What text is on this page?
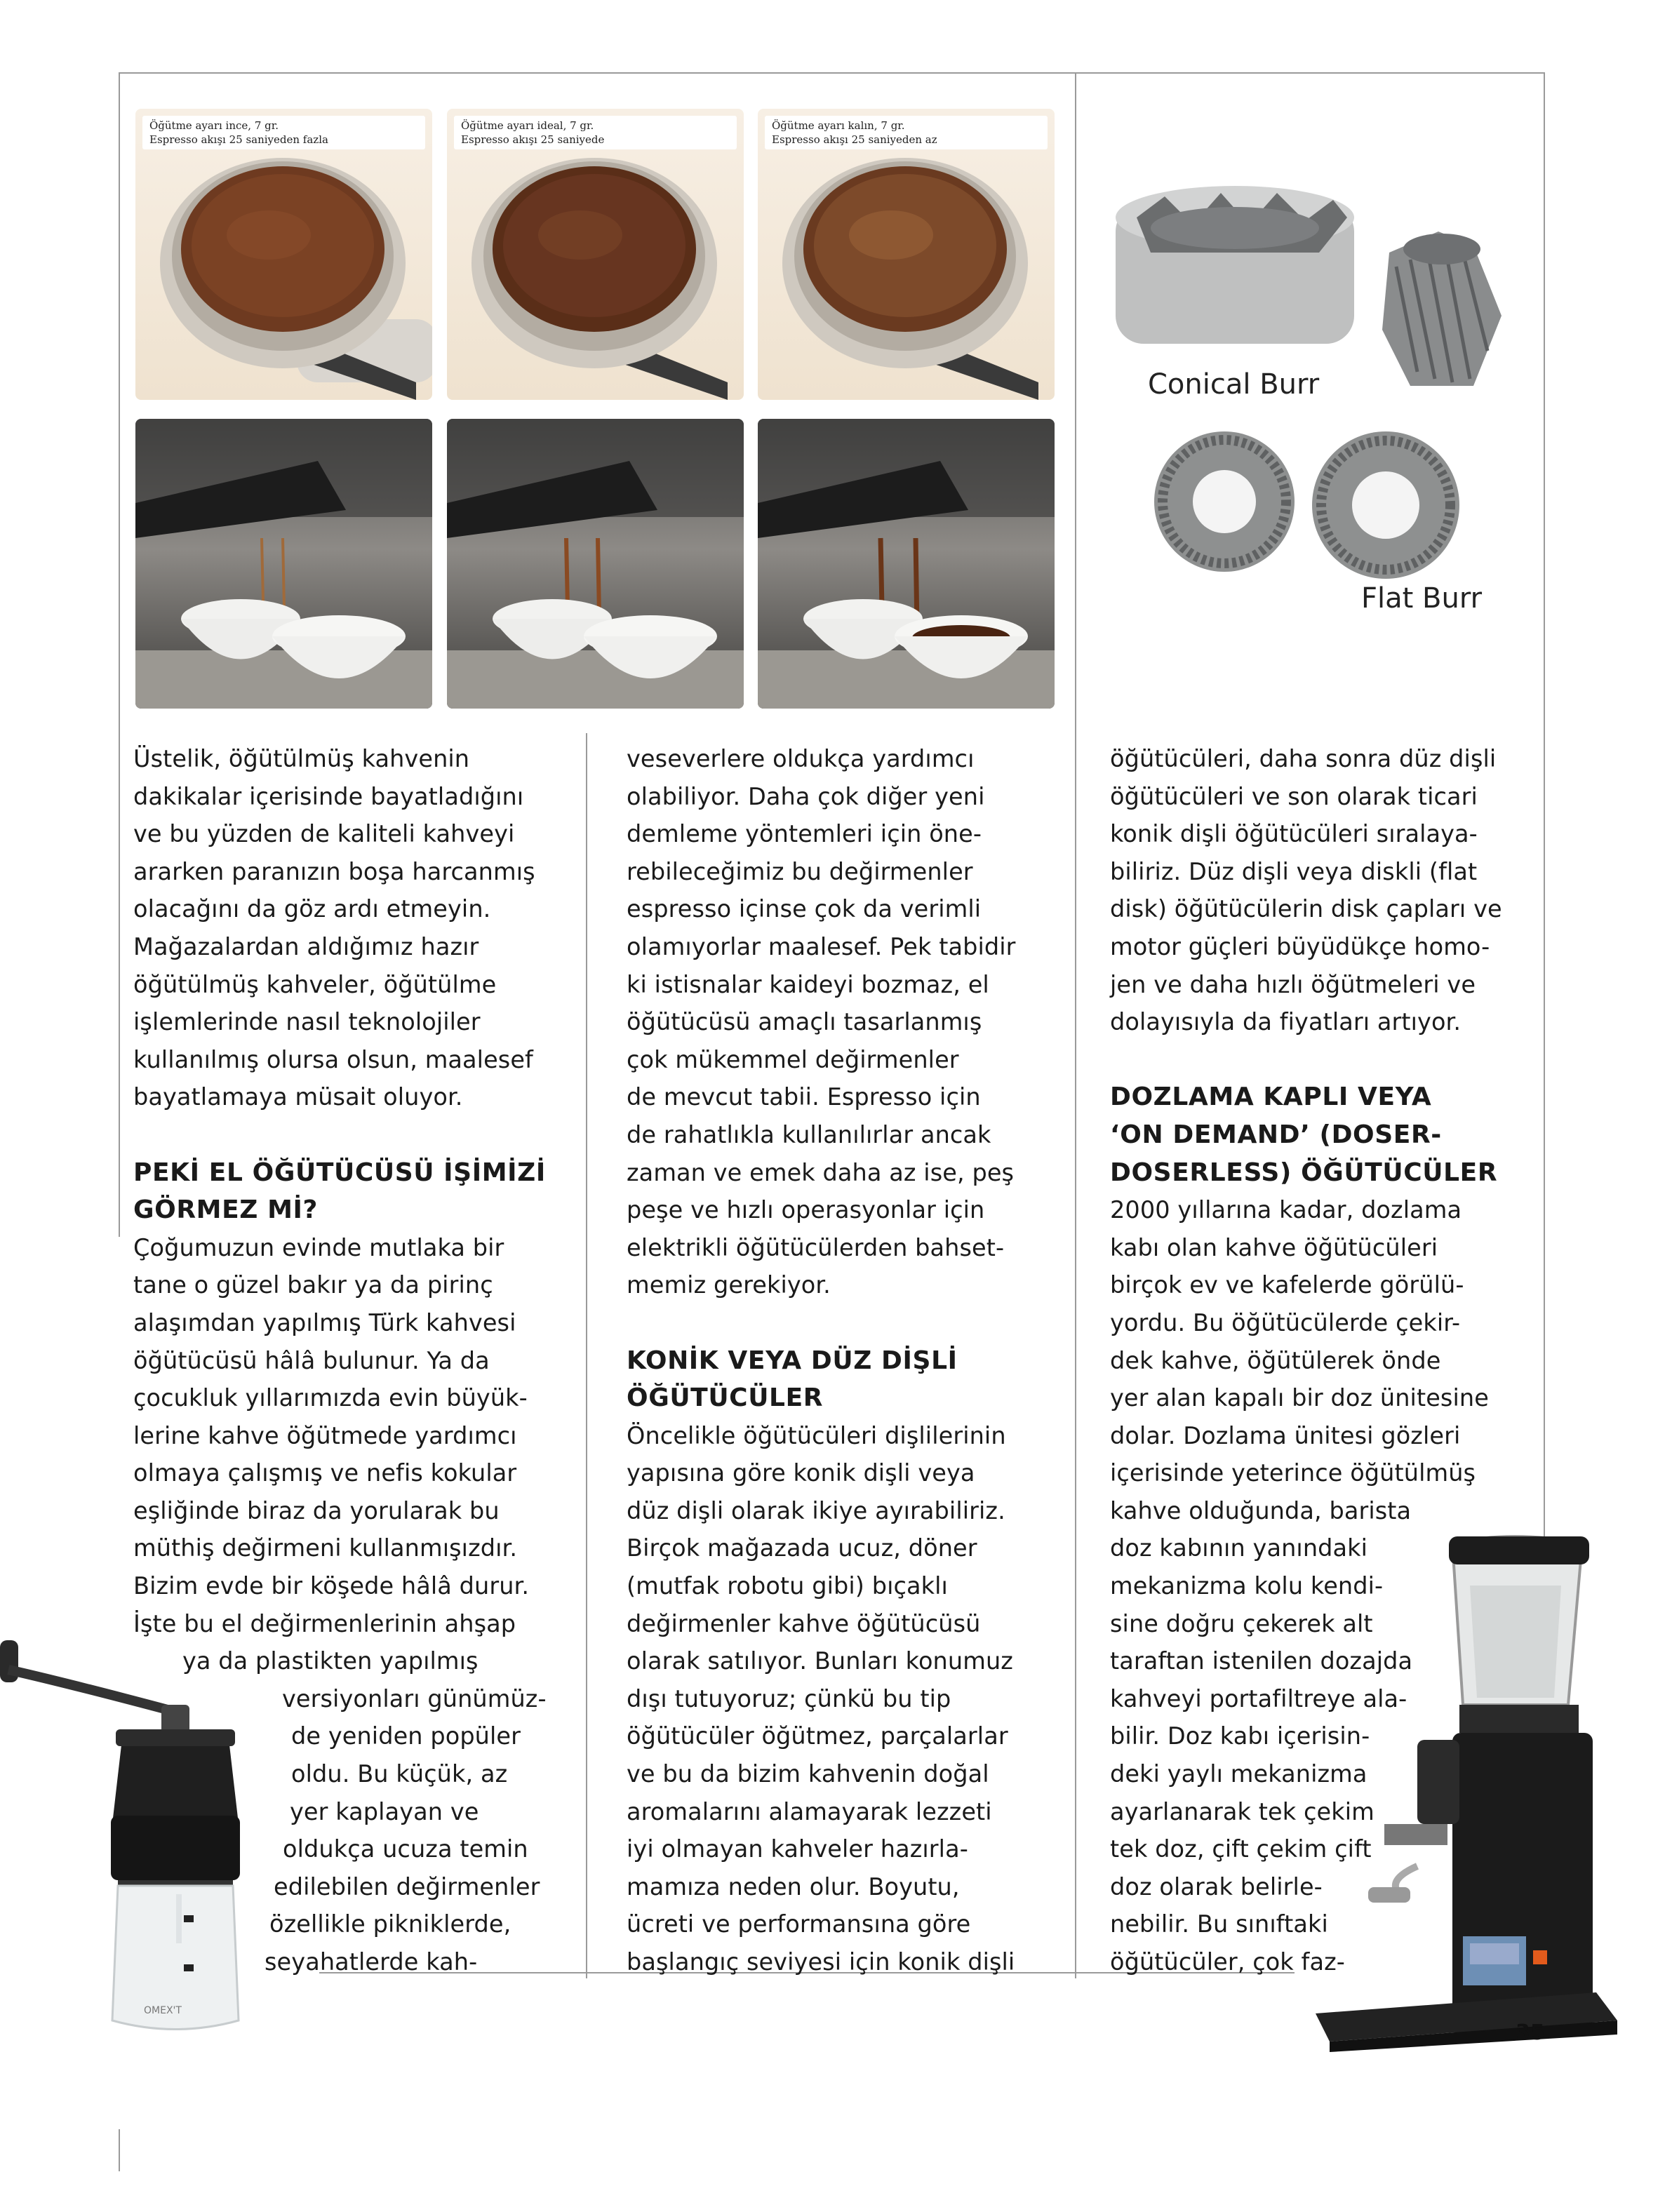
Öğütme ayarı ince, 7 gr.
Espresso akışı 25 saniyeden fazla
Öğütme ayarı ideal, 7 gr.
Espresso akışı 25 saniyede
Öğütme ayarı kalın, 7 gr.
Espresso akışı 25 saniyeden az
Conical Burr
Flat Burr

Üstelik, öğütülmüş kahvenin

dakikalar içerisinde bayatladığını

ve bu yüzden de kaliteli kahveyi

ararken paranızın boşa harcanmış

olacağını da göz ardı etmeyin.

Mağazalardan aldığımız hazır

öğütülmüş kahveler, öğütülme

işlemlerinde nasıl teknolojiler

kullanılmış olursa olsun, maalesef

bayatlamaya müsait oluyor.

PEKİ EL ÖĞÜTÜCÜSÜ İŞİMİZİ
GÖRMEZ Mİ?

Çoğumuzun evinde mutlaka bir

tane o güzel bakır ya da pirinç

alaşımdan yapılmış Türk kahvesi

öğütücüsü hâlâ bulunur. Ya da

çocukluk yıllarımızda evin büyük-

lerine kahve öğütmede yardımcı

olmaya çalışmış ve nefis kokular

eşliğinde biraz da yorularak bu

müthiş değirmeni kullanmışızdır.

Bizim evde bir köşede hâlâ durur.

İşte bu el değirmenlerinin ahşap

ya da plastikten yapılmış

versiyonları günümüz-

de yeniden popüler

oldu. Bu küçük, az

yer kaplayan ve

oldukça ucuza temin

edilebilen değirmenler

özellikle pikniklerde,

seyahatlerde kah-

veseverlere oldukça yardımcı

olabiliyor. Daha çok diğer yeni

demleme yöntemleri için öne-

rebileceğimiz bu değirmenler

espresso içinse çok da verimli

olamıyorlar maalesef. Pek tabidir

ki istisnalar kaideyi bozmaz, el

öğütücüsü amaçlı tasarlanmış

çok mükemmel değirmenler

de mevcut tabii. Espresso için

de rahatlıkla kullanılırlar ancak

zaman ve emek daha az ise, peş

peşe ve hızlı operasyonlar için

elektrikli öğütücülerden bahset-

memiz gerekiyor.

KONİK VEYA DÜZ DİŞLİ
ÖĞÜTÜCÜLER

Öncelikle öğütücüleri dişlilerinin

yapısına göre konik dişli veya

düz dişli olarak ikiye ayırabiliriz.

Birçok mağazada ucuz, döner

(mutfak robotu gibi) bıçaklı

değirmenler kahve öğütücüsü

olarak satılıyor. Bunları konumuz

dışı tutuyoruz; çünkü bu tip

öğütücüler öğütmez, parçalarlar

ve bu da bizim kahvenin doğal

aromalarını alamayarak lezzeti

iyi olmayan kahveler hazırla-

mamıza neden olur. Boyutu,

ücreti ve performansına göre

başlangıç seviyesi için konik dişli

öğütücüleri, daha sonra düz dişli

öğütücüleri ve son olarak ticari

konik dişli öğütücüleri sıralaya-

biliriz. Düz dişli veya diskli (flat

disk) öğütücülerin disk çapları ve

motor güçleri büyüdükçe homo-

jen ve daha hızlı öğütmeleri ve

dolayısıyla da fiyatları artıyor.

DOZLAMA KAPLI VEYA
‘ON DEMAND’ (DOSER-
DOSERLESS) ÖĞÜTÜCÜLER

2000 yıllarına kadar, dozlama

kabı olan kahve öğütücüleri

birçok ev ve kafelerde görülü-

yordu. Bu öğütücülerde çekir-

dek kahve, öğütülerek önde

yer alan kapalı bir doz ünitesine

dolar. Dozlama ünitesi gözleri

içerisinde yeterince öğütülmüş

kahve olduğunda, barista

doz kabının yanındaki

mekanizma kolu kendi-

sine doğru çekerek alt

taraftan istenilen dozajda

kahveyi portafiltreye ala-

bilir. Doz kabı içerisin-

deki yaylı mekanizma

ayarlanarak tek çekim

tek doz, çift çekim çift

doz olarak belirle-

nebilir. Bu sınıftaki

öğütücüler, çok faz-

OMEX'T
35
